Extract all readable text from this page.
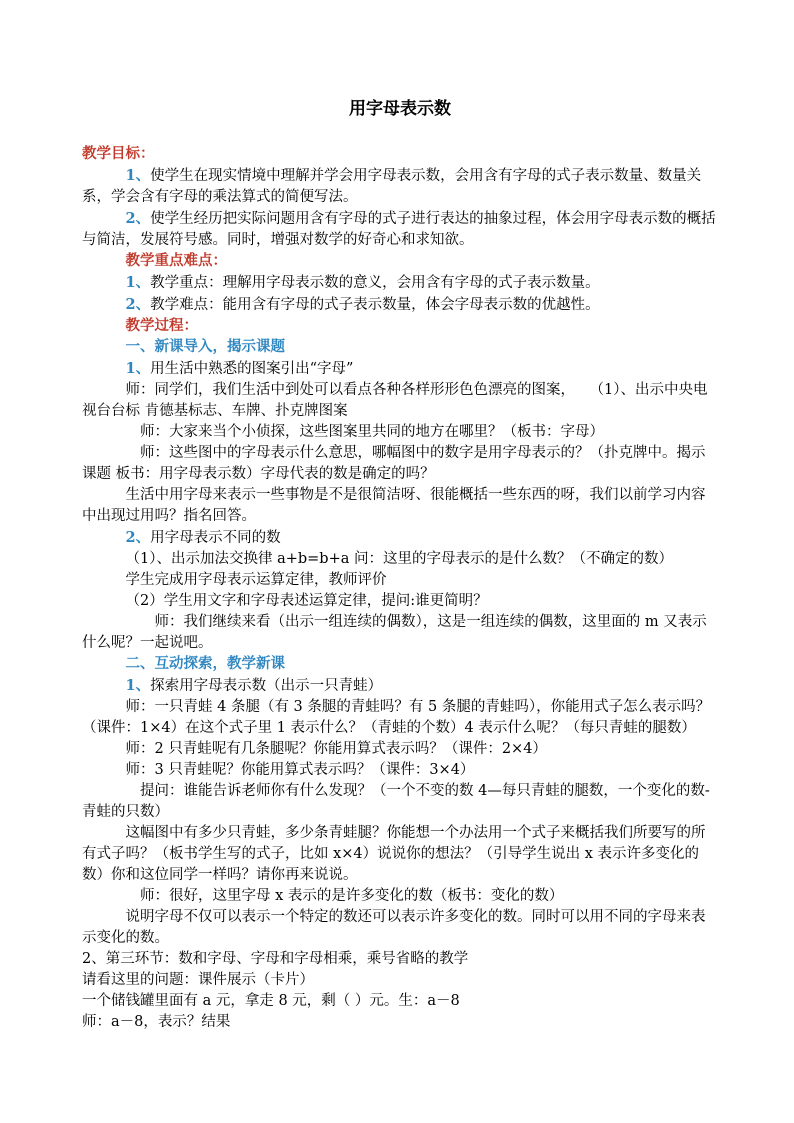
用字母表示数

教学目标：

1、使学生在现实情境中理解并学会用字母表示数，会用含有字母的式子表示数量、数量关系，学会含有字母的乘法算式的简便写法。

2、使学生经历把实际问题用含有字母的式子进行表达的抽象过程，体会用字母表示数的概括与简洁，发展符号感。同时，增强对数学的好奇心和求知欲。

教学重点难点：

1、教学重点：理解用字母表示数的意义，会用含有字母的式子表示数量。

2、教学难点：能用含有字母的式子表示数量，体会字母表示数的优越性。

教学过程：

一、新课导入，揭示课题

1、用生活中熟悉的图案引出“字母”

师：同学们，我们生活中到处可以看点各种各样形形色色漂亮的图案，　　（1）、出示中央电视台台标 肯德基标志、车牌、扑克牌图案

师：大家来当个小侦探，这些图案里共同的地方在哪里？（板书：字母）

师：这些图中的字母表示什么意思，哪幅图中的数字是用字母表示的？（扑克牌中。揭示课题 板书：用字母表示数）字母代表的数是确定的吗？

生活中用字母来表示一些事物是不是很简洁呀、很能概括一些东西的呀，我们以前学习内容中出现过用吗？指名回答。

2、用字母表示不同的数

（1）、出示加法交换律 a+b=b+a 问：这里的字母表示的是什么数？（不确定的数）

学生完成用字母表示运算定律，教师评价

（2）学生用文字和字母表述运算定律，提问:谁更简明？

师：我们继续来看（出示一组连续的偶数），这是一组连续的偶数，这里面的 m 又表示什么呢？一起说吧。

二、互动探索，教学新课

1、探索用字母表示数（出示一只青蛙）

师：一只青蛙 4 条腿（有 3 条腿的青蛙吗？有 5 条腿的青蛙吗），你能用式子怎么表示吗？（课件：1×4）在这个式子里 1 表示什么？（青蛙的个数）4 表示什么呢？（每只青蛙的腿数）

师：2 只青蛙呢有几条腿呢？你能用算式表示吗？（课件：2×4）

师：3 只青蛙呢？你能用算式表示吗？（课件：3×4）

提问：谁能告诉老师你有什么发现？（一个不变的数 4—每只青蛙的腿数，一个变化的数-青蛙的只数）

这幅图中有多少只青蛙，多少条青蛙腿？你能想一个办法用一个式子来概括我们所要写的所有式子吗？（板书学生写的式子，比如 x×4）说说你的想法？（引导学生说出 x 表示许多变化的数）你和这位同学一样吗？请你再来说说。

师：很好，这里字母 x 表示的是许多变化的数（板书：变化的数）

说明字母不仅可以表示一个特定的数还可以表示许多变化的数。同时可以用不同的字母来表示变化的数。

2、第三环节：数和字母、字母和字母相乘，乘号省略的教学

请看这里的问题：课件展示（卡片）

一个储钱罐里面有 a 元，拿走 8 元，剩（ ）元。生：a－8

师：a－8，表示？结果
